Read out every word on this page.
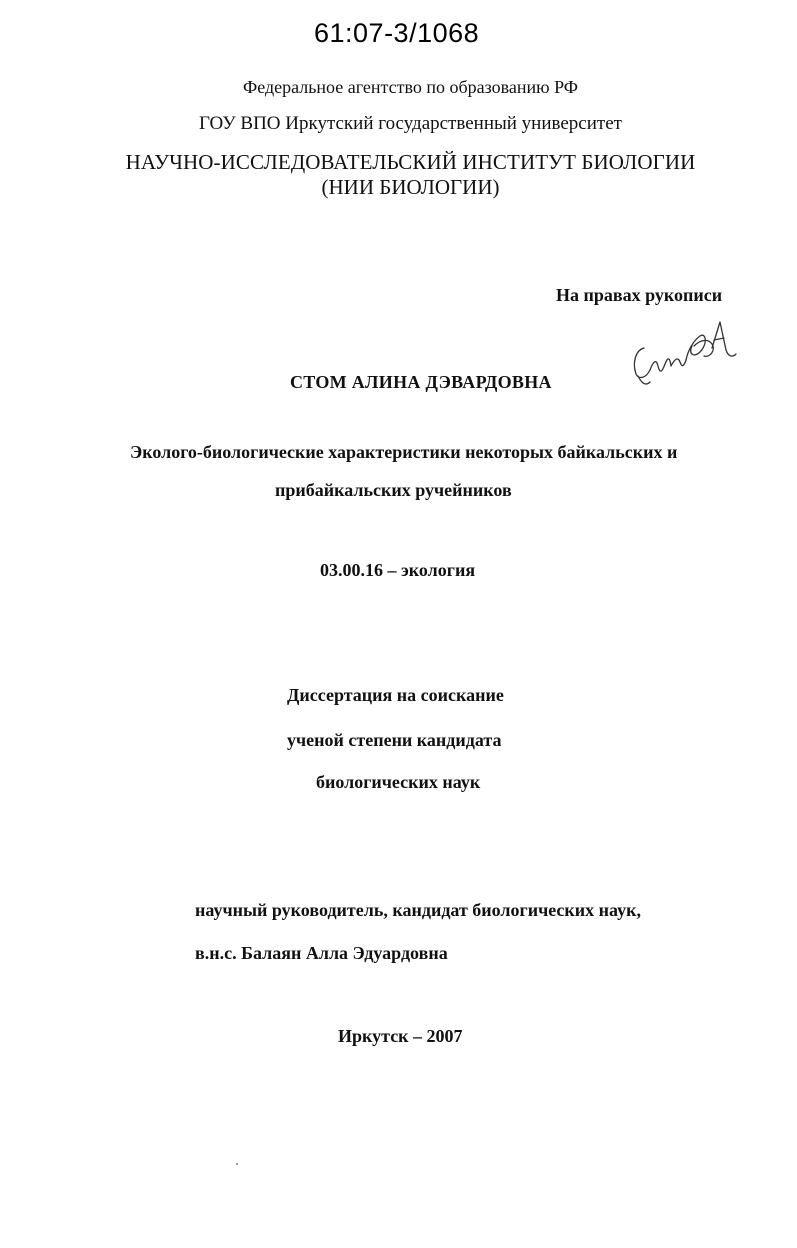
61:07-3/1068
Федеральное агентство по образованию РФ
ГОУ ВПО Иркутский государственный университет
НАУЧНО-ИССЛЕДОВАТЕЛЬСКИЙ ИНСТИТУТ БИОЛОГИИ
(НИИ БИОЛОГИИ)
На правах рукописи
СТОМ АЛИНА ДЭВАРДОВНА
Эколого-биологические характеристики некоторых байкальских и
прибайкальских ручейников
03.00.16 – экология
Диссертация на соискание
ученой степени кандидата
биологических наук
научный руководитель, кандидат биологических наук,
в.н.с. Балаян Алла Эдуардовна
Иркутск – 2007
